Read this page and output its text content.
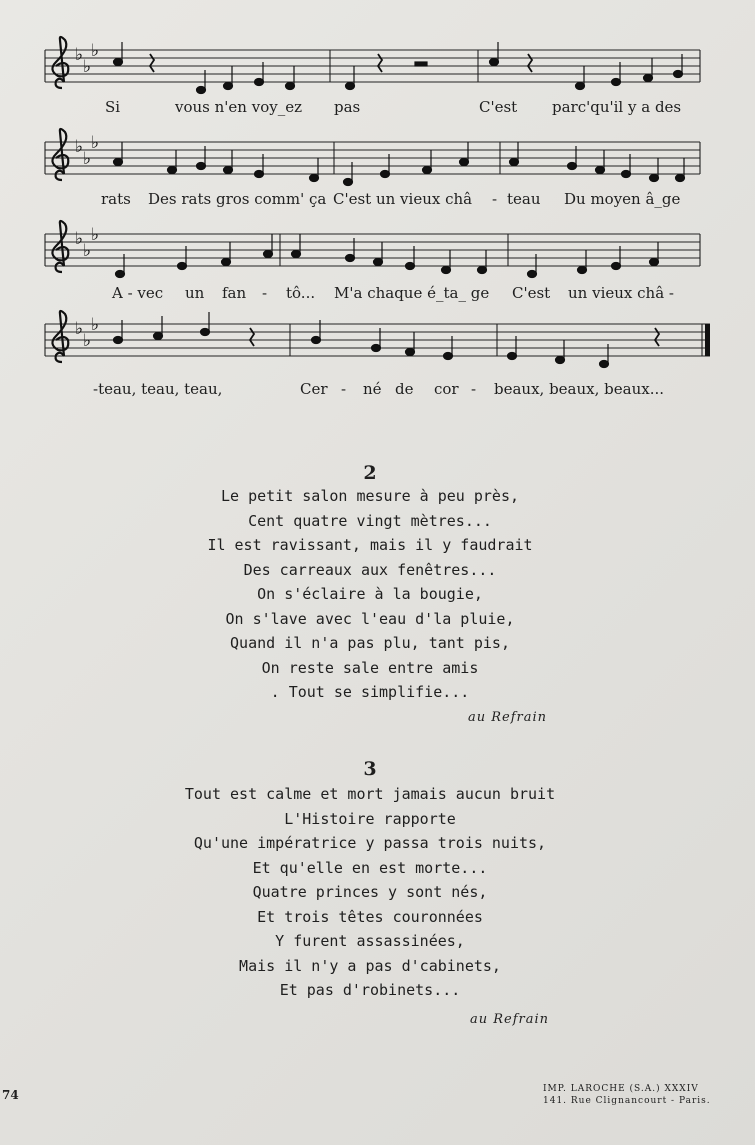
♭
♭
♭
Si	vous n'en voy_ez pas	C'est parc'qu'il y a des
♭
♭
♭
rats Des rats gros comm' ça C'est un vieux châ - teau Du moyen â_ge
♭
♭
♭
A - vec un fan - tô... M'a chaque é_ta_ ge C'est un vieux châ -
♭
♭
♭
-teau, teau, teau,	Cer - né de cor - beaux, beaux, beaux...
2
Le petit salon mesure à peu près,
Cent quatre vingt mètres...
Il est ravissant, mais il y faudrait
Des carreaux aux fenêtres...
On s'éclaire à la bougie,
On s'lave avec l'eau d'la pluie,
Quand il n'a pas plu, tant pis,
On reste sale entre amis
. Tout se simplifie...
au Refrain
3
Tout est calme et mort jamais aucun bruit
L'Histoire rapporte
Qu'une impératrice y passa trois nuits,
Et qu'elle en est morte...
Quatre princes y sont nés,
Et trois têtes couronnées
Y furent assassinées,
Mais il n'y a pas d'cabinets,
Et pas d'robinets...
au Refrain
74	IMP. LAROCHE (S.A.) XXXIV
141. Rue Clignancourt - Paris.
